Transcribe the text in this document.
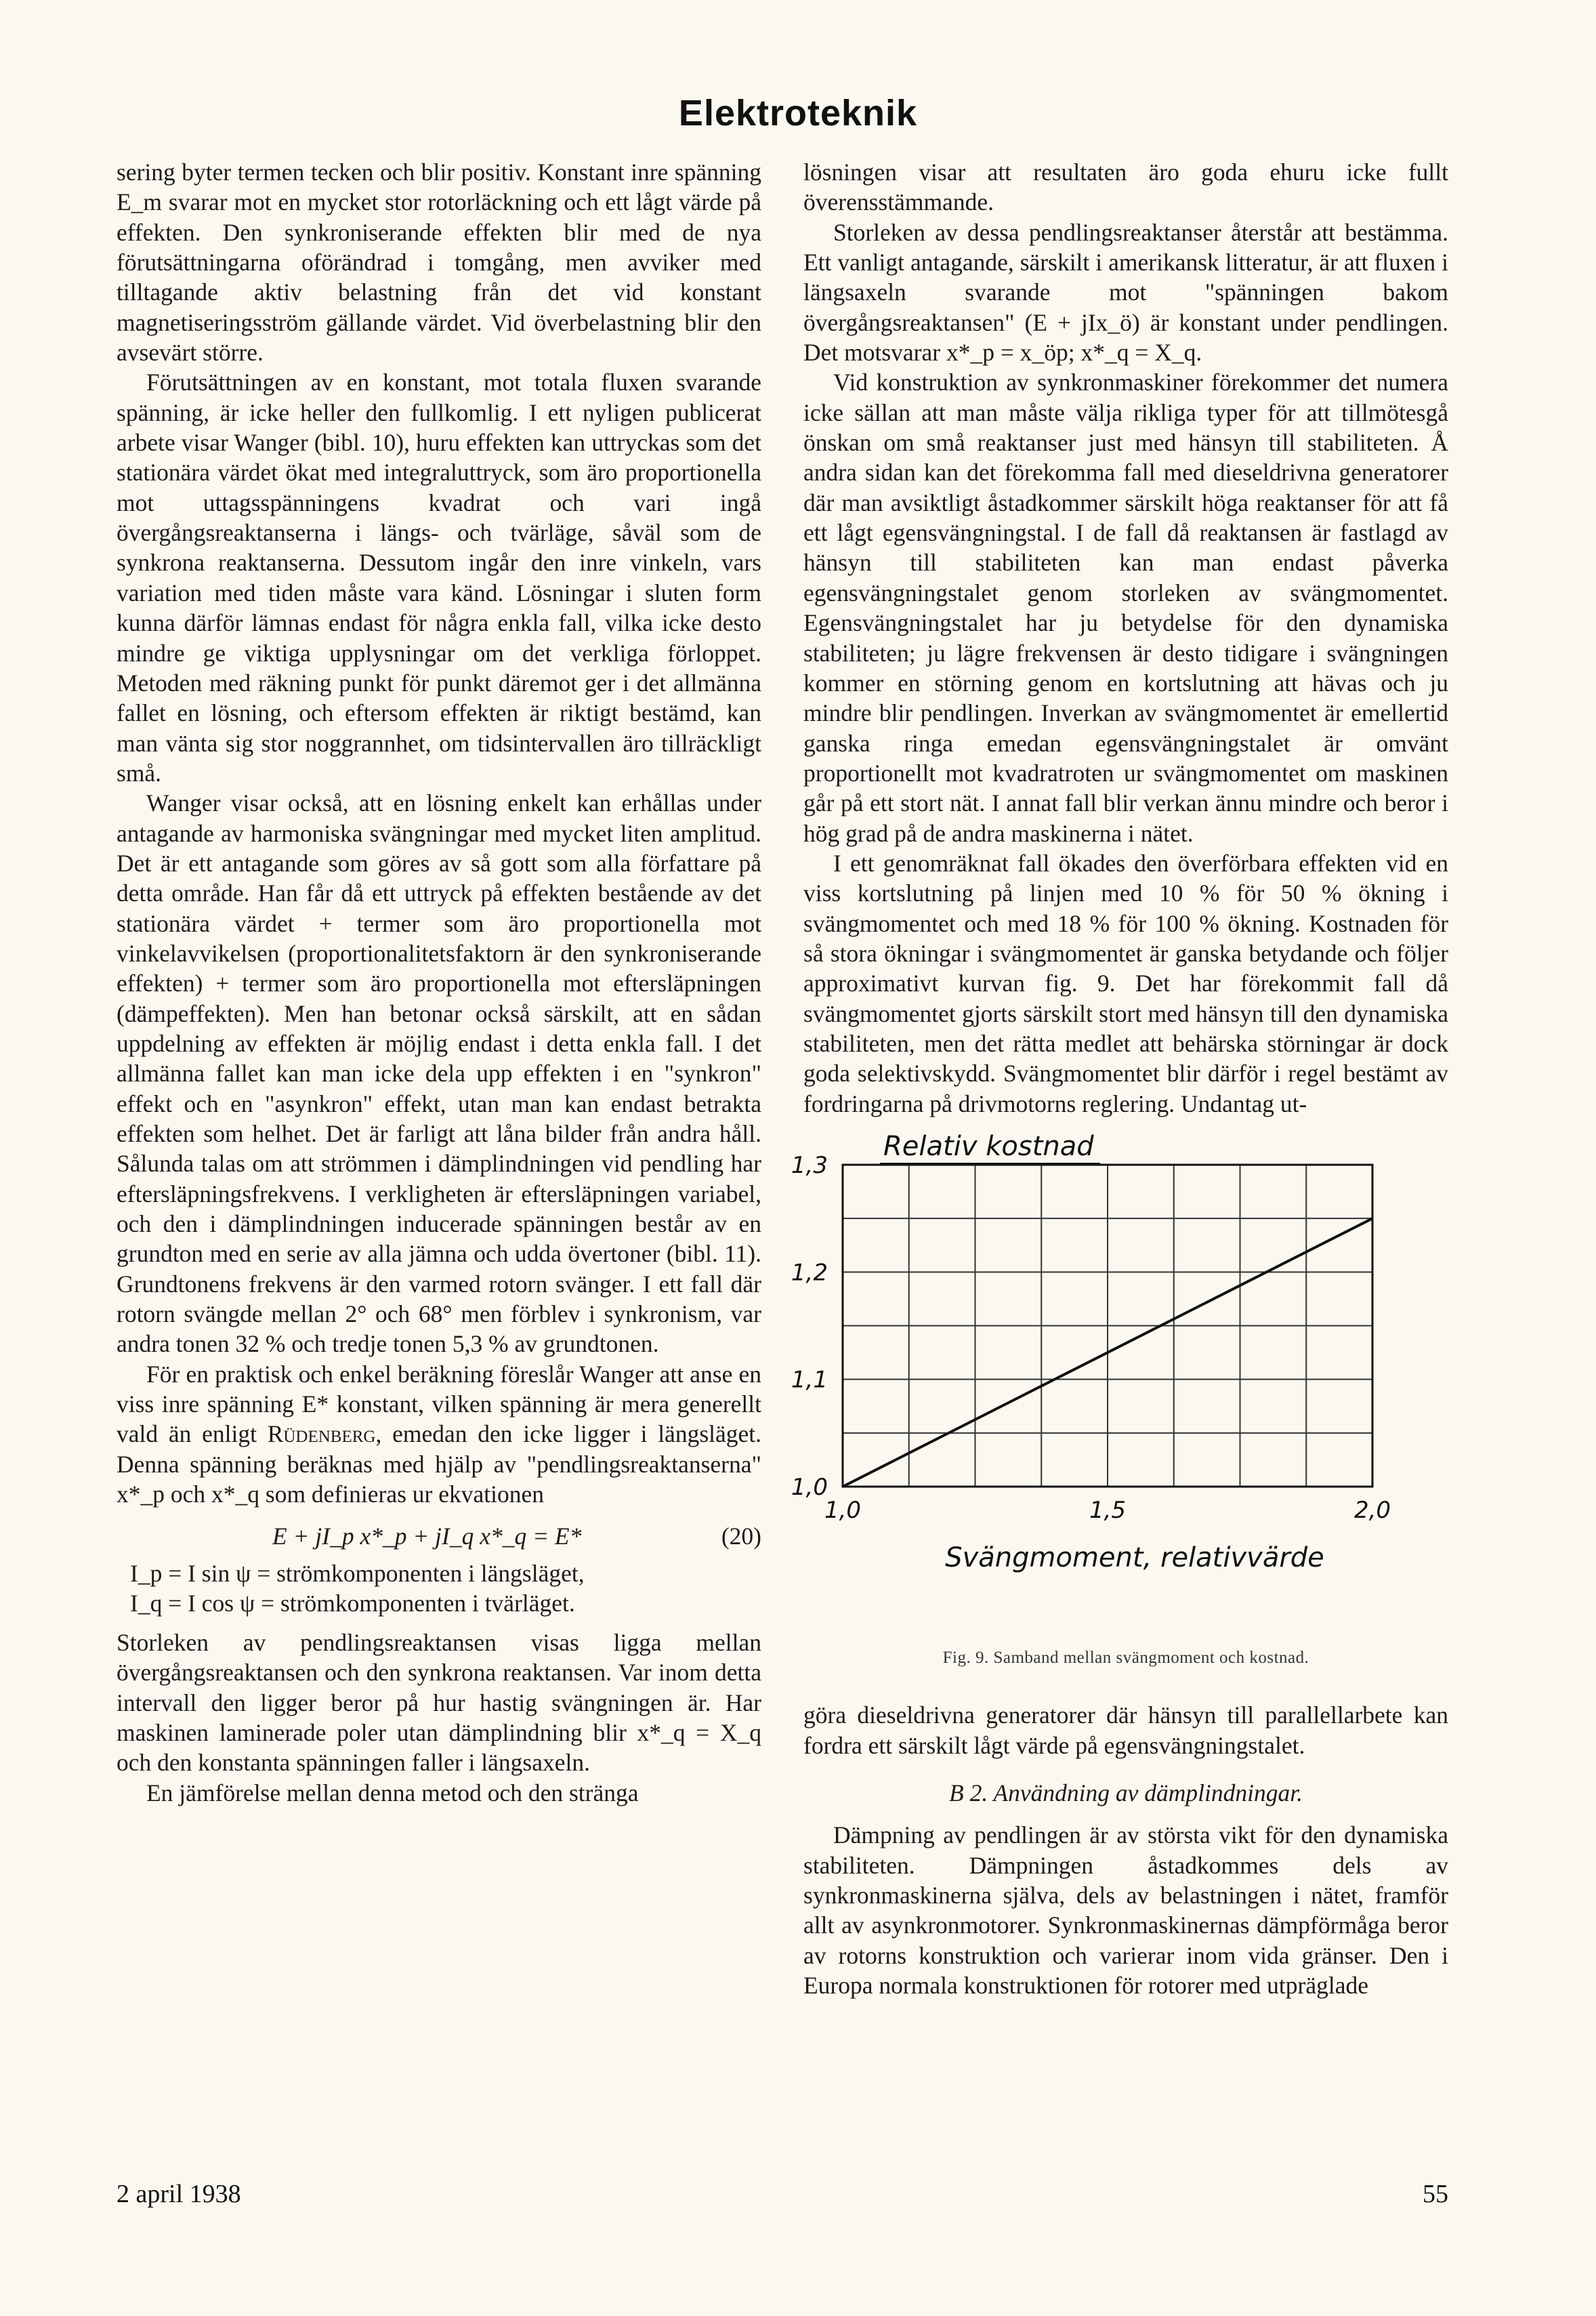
Elektroteknik

sering byter termen tecken och blir positiv. Konstant inre spänning E_m svarar mot en mycket stor rotorläckning och ett lågt värde på effekten. Den synkroniserande effekten blir med de nya förutsättningarna oförändrad i tomgång, men avviker med tilltagande aktiv belastning från det vid konstant magnetiseringsström gällande värdet. Vid överbelastning blir den avsevärt större.

Förutsättningen av en konstant, mot totala fluxen svarande spänning, är icke heller den fullkomlig. I ett nyligen publicerat arbete visar Wanger (bibl. 10), huru effekten kan uttryckas som det stationära värdet ökat med integraluttryck, som äro proportionella mot uttagsspänningens kvadrat och vari ingå övergångsreaktanserna i längs- och tvärläge, såväl som de synkrona reaktanserna. Dessutom ingår den inre vinkeln, vars variation med tiden måste vara känd. Lösningar i sluten form kunna därför lämnas endast för några enkla fall, vilka icke desto mindre ge viktiga upplysningar om det verkliga förloppet. Metoden med räkning punkt för punkt däremot ger i det allmänna fallet en lösning, och eftersom effekten är riktigt bestämd, kan man vänta sig stor noggrannhet, om tidsintervallen äro tillräckligt små.

Wanger visar också, att en lösning enkelt kan erhållas under antagande av harmoniska svängningar med mycket liten amplitud. Det är ett antagande som göres av så gott som alla författare på detta område. Han får då ett uttryck på effekten bestående av det stationära värdet + termer som äro proportionella mot vinkelavvikelsen (proportionalitetsfaktorn är den synkroniserande effekten) + termer som äro proportionella mot eftersläpningen (dämpeffekten). Men han betonar också särskilt, att en sådan uppdelning av effekten är möjlig endast i detta enkla fall. I det allmänna fallet kan man icke dela upp effekten i en "synkron" effekt och en "asynkron" effekt, utan man kan endast betrakta effekten som helhet. Det är farligt att låna bilder från andra håll. Sålunda talas om att strömmen i dämplindningen vid pendling har eftersläpningsfrekvens. I verkligheten är eftersläpningen variabel, och den i dämplindningen inducerade spänningen består av en grundton med en serie av alla jämna och udda övertoner (bibl. 11). Grundtonens frekvens är den varmed rotorn svänger. I ett fall där rotorn svängde mellan 2° och 68° men förblev i synkronism, var andra tonen 32 % och tredje tonen 5,3 % av grundtonen.

För en praktisk och enkel beräkning föreslår Wanger att anse en viss inre spänning E* konstant, vilken spänning är mera generellt vald än enligt Rüdenberg, emedan den icke ligger i längsläget. Denna spänning beräknas med hjälp av "pendlingsreaktanserna" x*_p och x*_q som definieras ur ekvationen

E + jI_p x*_p + jI_q x*_q = E*	(20)
I_p = I sin ψ = strömkomponenten i längsläget,
I_q = I cos ψ = strömkomponenten i tvärläget.

Storleken av pendlingsreaktansen visas ligga mellan övergångsreaktansen och den synkrona reaktansen. Var inom detta intervall den ligger beror på hur hastig svängningen är. Har maskinen laminerade poler utan dämplindning blir x*_q = X_q och den konstanta spänningen faller i längsaxeln.

En jämförelse mellan denna metod och den stränga

lösningen visar att resultaten äro goda ehuru icke fullt överensstämmande.

Storleken av dessa pendlingsreaktanser återstår att bestämma. Ett vanligt antagande, särskilt i amerikansk litteratur, är att fluxen i längsaxeln svarande mot "spänningen bakom övergångsreaktansen" (E + jIx_ö) är konstant under pendlingen. Det motsvarar x*_p = x_öp; x*_q = X_q.

Vid konstruktion av synkronmaskiner förekommer det numera icke sällan att man måste välja rikliga typer för att tillmötesgå önskan om små reaktanser just med hänsyn till stabiliteten. Å andra sidan kan det förekomma fall med dieseldrivna generatorer där man avsiktligt åstadkommer särskilt höga reaktanser för att få ett lågt egensvängningstal. I de fall då reaktansen är fastlagd av hänsyn till stabiliteten kan man endast påverka egensvängningstalet genom storleken av svängmomentet. Egensvängningstalet har ju betydelse för den dynamiska stabiliteten; ju lägre frekvensen är desto tidigare i svängningen kommer en störning genom en kortslutning att hävas och ju mindre blir pendlingen. Inverkan av svängmomentet är emellertid ganska ringa emedan egensvängningstalet är omvänt proportionellt mot kvadratroten ur svängmomentet om maskinen går på ett stort nät. I annat fall blir verkan ännu mindre och beror i hög grad på de andra maskinerna i nätet.

I ett genomräknat fall ökades den överförbara effekten vid en viss kortslutning på linjen med 10 % för 50 % ökning i svängmomentet och med 18 % för 100 % ökning. Kostnaden för så stora ökningar i svängmomentet är ganska betydande och följer approximativt kurvan fig. 9. Det har förekommit fall då svängmomentet gjorts särskilt stort med hänsyn till den dynamiska stabiliteten, men det rätta medlet att behärska störningar är dock goda selektivskydd. Svängmomentet blir därför i regel bestämt av fordringarna på drivmotorns reglering. Undantag ut-

Relativ kostnad
1,0
1,1
1,2
1,3
1,0	1,5	2,0
Svängmoment, relativvärde
Fig. 9. Samband mellan svängmoment och kostnad.

göra dieseldrivna generatorer där hänsyn till parallellarbete kan fordra ett särskilt lågt värde på egensvängningstalet.

B 2. Användning av dämplindningar.

Dämpning av pendlingen är av största vikt för den dynamiska stabiliteten. Dämpningen åstadkommes dels av synkronmaskinerna själva, dels av belastningen i nätet, framför allt av asynkronmotorer. Synkronmaskinernas dämpförmåga beror av rotorns konstruktion och varierar inom vida gränser. Den i Europa normala konstruktionen för rotorer med utpräglade

2 april 1938	55
